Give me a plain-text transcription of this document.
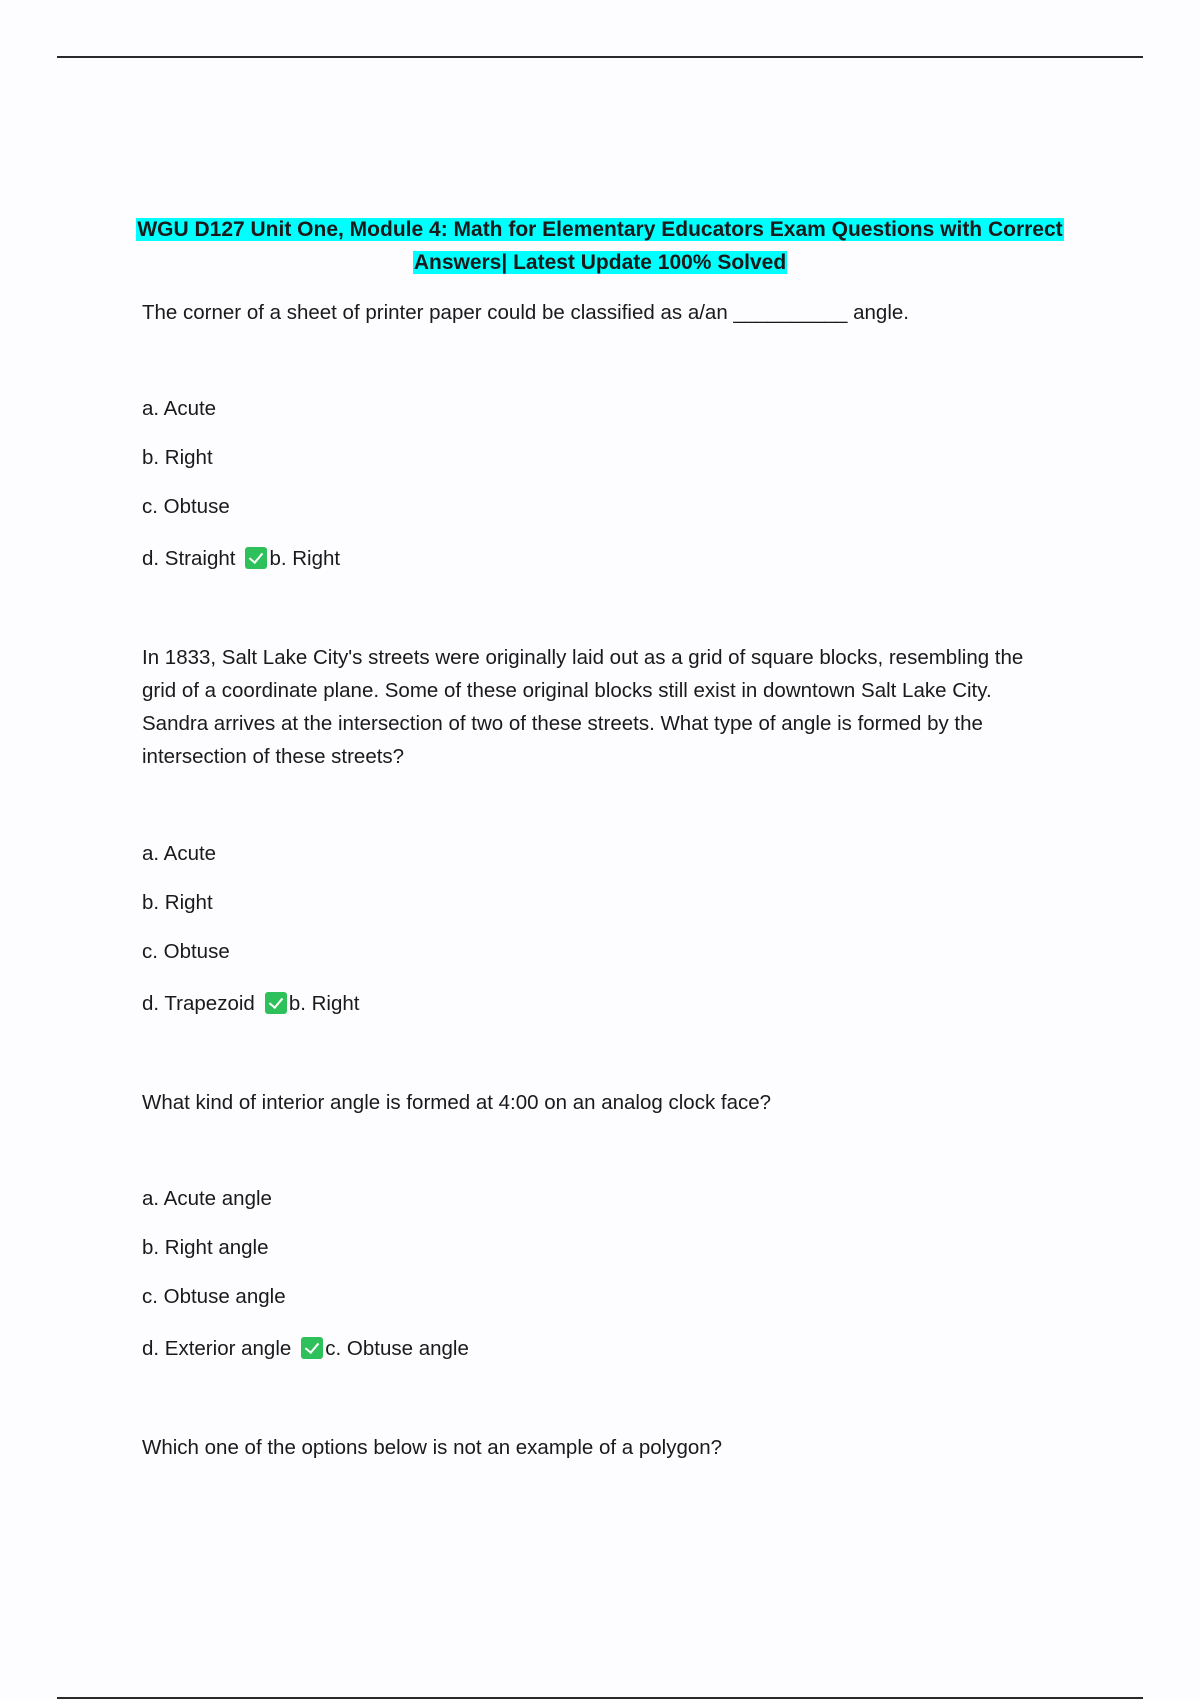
WGU D127 Unit One, Module 4: Math for Elementary Educators Exam Questions with Correct
Answers| Latest Update 100% Solved

The corner of a sheet of printer paper could be classified as a/an __________ angle.

a. Acute

b. Right

c. Obtuse

d. Straight b. Right

In 1833, Salt Lake City's streets were originally laid out as a grid of square blocks, resembling the grid of a coordinate plane. Some of these original blocks still exist in downtown Salt Lake City. Sandra arrives at the intersection of two of these streets. What type of angle is formed by the intersection of these streets?

a. Acute

b. Right

c. Obtuse

d. Trapezoid b. Right

What kind of interior angle is formed at 4:00 on an analog clock face?

a. Acute angle

b. Right angle

c. Obtuse angle

d. Exterior angle c. Obtuse angle

Which one of the options below is not an example of a polygon?
